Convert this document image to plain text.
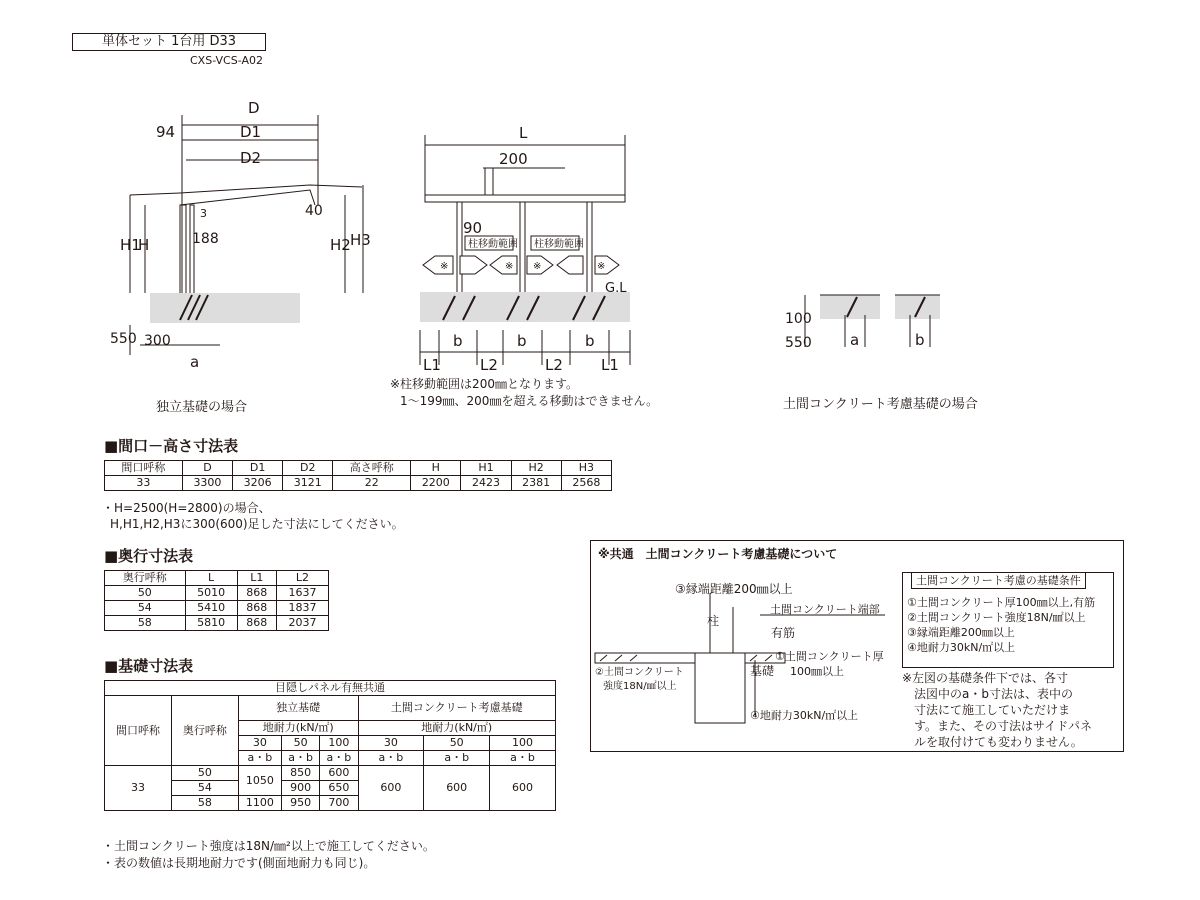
単体セット 1台用 D33
CXS-VCS-A02
D
D1
D2
94
40
188
3
H1
H	H2 H3
550 300
a
独立基礎の場合
柱移動範囲 柱移動範囲
※	※ ※	※
L
200
90
G.L
b	b	b
L1	L2	L2	L1
※柱移動範囲は200㎜となります。
1〜199㎜、200㎜を超える移動はできません。
100
550	a	b
土間コンクリート考慮基礎の場合
■間口－高さ寸法表
間口呼称	D	D1	D2	高さ呼称	H	H1	H2	H3
33	3300	3206	3121	22	2200	2423	2381	2568
・H=2500(H=2800)の場合、
H,H1,H2,H3に300(600)足した寸法にしてください。
■奥行寸法表
奥行呼称	L	L1	L2
50	5010	868	1637
54	5410	868	1837
58	5810	868	2037
■基礎寸法表
目隠しパネル有無共通							
間口呼称	奥行呼称	独立基礎			土間コンクリート考慮基礎		
		地耐力(kN/㎡)			地耐力(kN/㎡)		
		30	50	100	30	50	100
		a・b	a・b	a・b	a・b	a・b	a・b
33	50	1050	850	600	600	600	600
	54		900	650			
	58	1100	950	700			
・土間コンクリート強度は18N/㎜²以上で施工してください。
・表の数値は長期地耐力です(側面地耐力も同じ)。
※共通　土間コンクリート考慮基礎について
③縁端距離200㎜以上
土間コンクリート端部
柱
有筋
①土間コンクリート厚
100㎜以上
基礎
②土間コンクリート
強度18N/㎟以上
④地耐力30kN/㎡以上
土間コンクリート考慮の基礎条件
①土間コンクリート厚100㎜以上,有筋
②土間コンクリート強度18N/㎟以上
③縁端距離200㎜以上
④地耐力30kN/㎡以上
※左図の基礎条件下では、各寸
　法図中のa・b寸法は、表中の
　寸法にて施工していただけま
　す。また、その寸法はサイドパネ
　ルを取付けても変わりません。
